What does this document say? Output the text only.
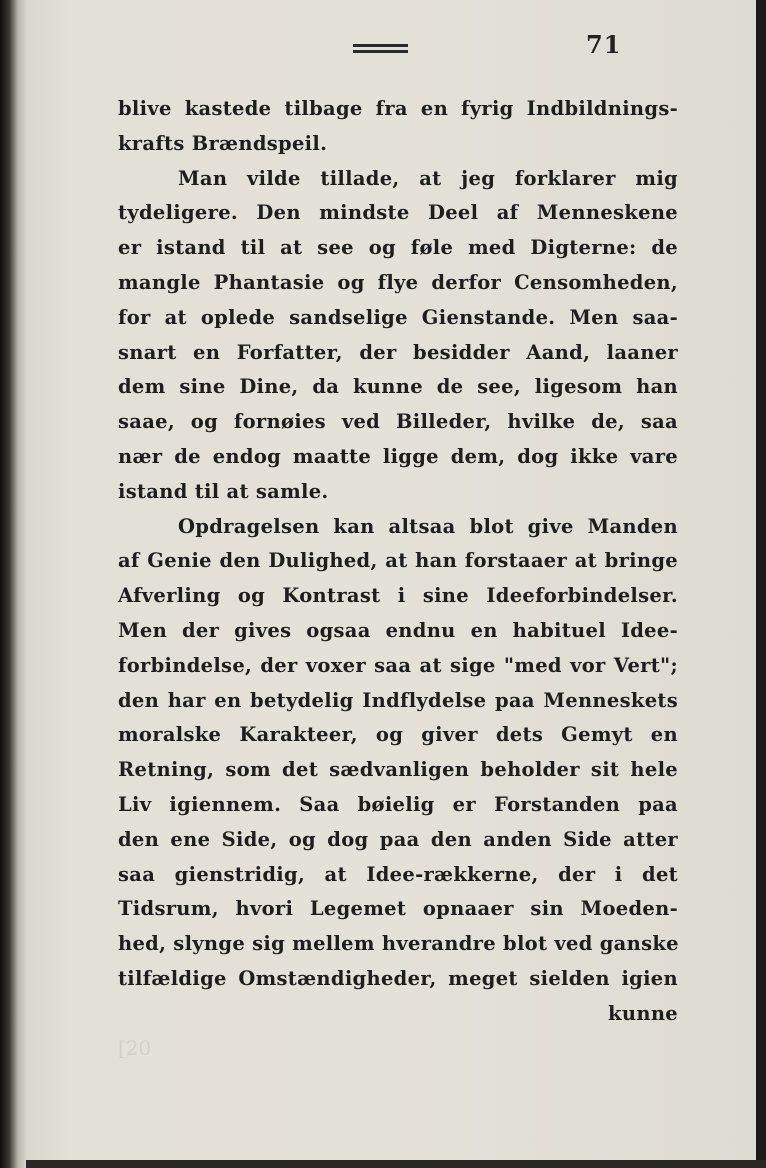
71
blive kastede tilbage fra en fyrig Indbildnings-
krafts Brændspeil.
Man vilde tillade, at jeg forklarer mig
tydeligere. Den mindste Deel af Menneskene
er istand til at see og føle med Digterne: de
mangle Phantasie og flye derfor Censomheden,
for at oplede sandselige Gienstande. Men saa-
snart en Forfatter, der besidder Aand, laaner
dem sine Dine, da kunne de see, ligesom han
saae, og fornøies ved Billeder, hvilke de, saa
nær de endog maatte ligge dem, dog ikke vare
istand til at samle.
Opdragelsen kan altsaa blot give Manden
af Genie den Dulighed, at han forstaaer at bringe
Afverling og Kontrast i sine Ideeforbindelser.
Men der gives ogsaa endnu en habituel Idee-
forbindelse, der voxer saa at sige "med vor Vert";
den har en betydelig Indflydelse paa Menneskets
moralske Karakteer, og giver dets Gemyt en
Retning, som det sædvanligen beholder sit hele
Liv igiennem. Saa bøielig er Forstanden paa
den ene Side, og dog paa den anden Side atter
saa gienstridig, at Idee-rækkerne, der i det
Tidsrum, hvori Legemet opnaaer sin Moeden-
hed, slynge sig mellem hverandre blot ved ganske
tilfældige Omstændigheder, meget sielden igien
kunne
[20
